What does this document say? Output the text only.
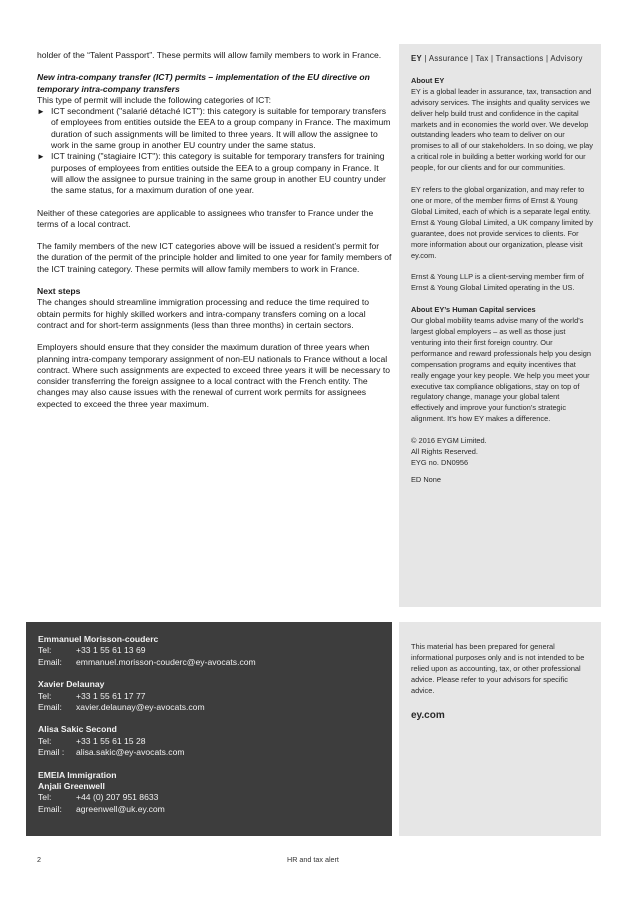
holder of the “Talent Passport”. These permits will allow family members to work in France.

New intra-company transfer (ICT) permits – implementation of the EU directive on temporary intra-company transfers

This type of permit will include the following categories of ICT:

► ICT secondment ("salarié détaché ICT"): this category is suitable for temporary transfers of employees from entities outside the EEA to a group company in France. The maximum duration of such assignments will be limited to three years. It will allow the assignee to work in the same group in another EU country under the same status.
► ICT training ("stagiaire ICT"): this category is suitable for temporary transfers for training purposes of employees from entities outside the EEA to a group company in France. It will allow the assignee to pursue training in the same group in another EU country under the same status, for a maximum duration of one year.

Neither of these categories are applicable to assignees who transfer to France under the terms of a local contract.

The family members of the new ICT categories above will be issued a resident’s permit for the duration of the permit of the principle holder and limited to one year for family members of the ICT training category. These permits will allow family members to work in France.

Next steps

The changes should streamline immigration processing and reduce the time required to obtain permits for highly skilled workers and intra-company transfers coming on a local contract and for short-term assignments (less than three months) in certain sectors.

Employers should ensure that they consider the maximum duration of three years when planning intra-company temporary assignment of non-EU nationals to France without a local contract. Where such assignments are expected to exceed three years it will be necessary to consider transferring the foreign assignee to a local contract with the French entity. The changes may also cause issues with the renewal of current work permits for assignees expected to exceed the three year maximum.

EY | Assurance | Tax | Transactions | Advisory
About EY
EY is a global leader in assurance, tax, transaction and advisory services. The insights and quality services we deliver help build trust and confidence in the capital markets and in economies the world over. We develop outstanding leaders who team to deliver on our promises to all of our stakeholders. In so doing, we play a critical role in building a better working world for our people, for our clients and for our communities.
EY refers to the global organization, and may refer to one or more, of the member firms of Ernst & Young Global Limited, each of which is a separate legal entity. Ernst & Young Global Limited, a UK company limited by guarantee, does not provide services to clients. For more information about our organization, please visit ey.com.
Ernst & Young LLP is a client-serving member firm of Ernst & Young Global Limited operating in the US.
About EY’s Human Capital services
Our global mobility teams advise many of the world’s largest global employers – as well as those just venturing into their first foreign country. Our performance and reward professionals help you design compensation programs and equity incentives that really engage your key people. We help you meet your executive tax compliance obligations, stay on top of regulatory change, manage your global talent effectively and improve your function’s strategic alignment. It’s how EY makes a difference.
© 2016 EYGM Limited.
All Rights Reserved.
EYG no. DN0956
ED None
Emmanuel Morisson-couderc
Tel:	+33 1 55 61 13 69
Email:	emmanuel.morisson-couderc@ey-avocats.com
Xavier Delaunay
Tel:	+33 1 55 61 17 77
Email:	xavier.delaunay@ey-avocats.com
Alisa Sakic Second
Tel:	+33 1 55 61 15 28
Email :	alisa.sakic@ey-avocats.com
EMEIA Immigration
Anjali Greenwell
Tel:	+44 (0) 207 951 8633
Email:	agreenwell@uk.ey.com
This material has been prepared for general informational purposes only and is not intended to be relied upon as accounting, tax, or other professional advice. Please refer to your advisors for specific advice.
ey.com
2	HR and tax alert
